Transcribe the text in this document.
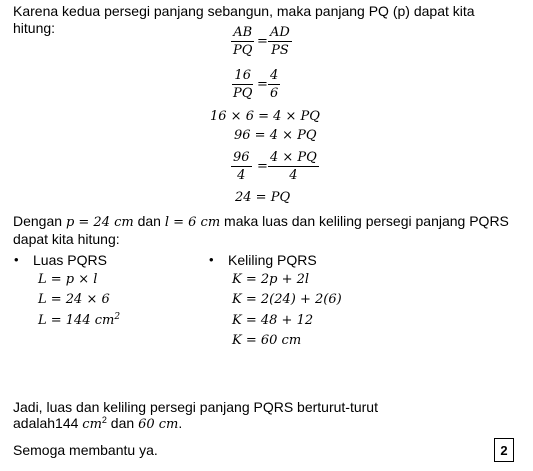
Karena kedua persegi panjang sebangun, maka panjang PQ (p) dapat kita
hitung:	$\frac{AB}{PQ} = \frac{AD}{PS}$
$\frac{16}{PQ} = \frac{4}{6}$
16 × 6 = 4 × PQ
96 = 4 × PQ
$\frac{96}{4} = \frac{4 \times PQ}{4}$
24 = PQ
Dengan p = 24 cm dan l = 6 cm maka luas dan keliling persegi panjang PQRS
dapat kita hitung:
• Luas PQRS
L = p × l
L = 24 × 6
L = 144 $cm^2$
• Keliling PQRS
K = 2p + 2l
K = 2(24) + 2(6)
K = 48 + 12
K = 60 cm
Jadi, luas dan keliling persegi panjang PQRS berturut-turut
adalah144 $cm^2$ dan 60 cm.
Semoga membantu ya.	2
